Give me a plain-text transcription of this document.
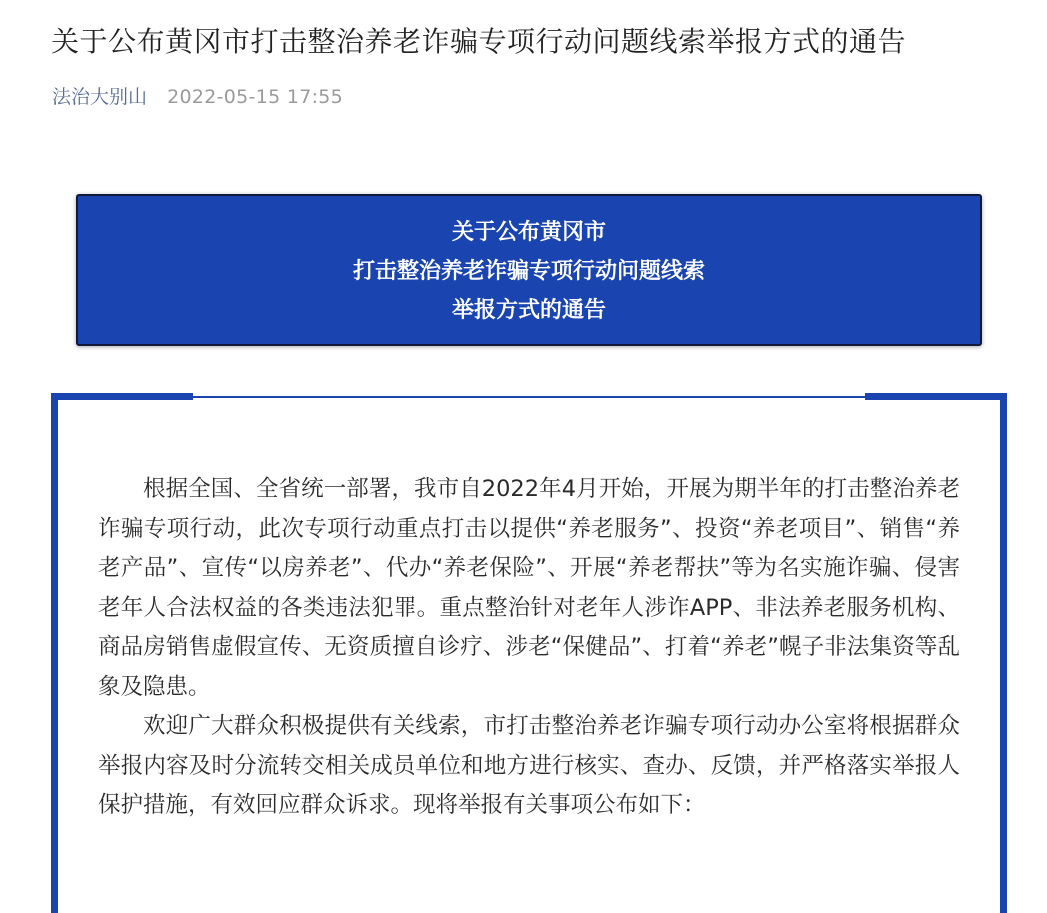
关于公布黄冈市打击整治养老诈骗专项行动问题线索举报方式的通告
法治大别山 2022-05-15 17:55
关于公布黄冈市
打击整治养老诈骗专项行动问题线索
举报方式的通告

根据全国、全省统一部署，我市自2022年4月开始，开展为期半年的打击整治养老诈骗专项行动，此次专项行动重点打击以提供“养老服务”、投资“养老项目”、销售“养老产品”、宣传“以房养老”、代办“养老保险”、开展“养老帮扶”等为名实施诈骗、侵害老年人合法权益的各类违法犯罪。重点整治针对老年人涉诈APP、非法养老服务机构、商品房销售虚假宣传、无资质擅自诊疗、涉老“保健品”、打着“养老”幌子非法集资等乱象及隐患。

欢迎广大群众积极提供有关线索，市打击整治养老诈骗专项行动办公室将根据群众举报内容及时分流转交相关成员单位和地方进行核实、查办、反馈，并严格落实举报人保护措施，有效回应群众诉求。现将举报有关事项公布如下：
